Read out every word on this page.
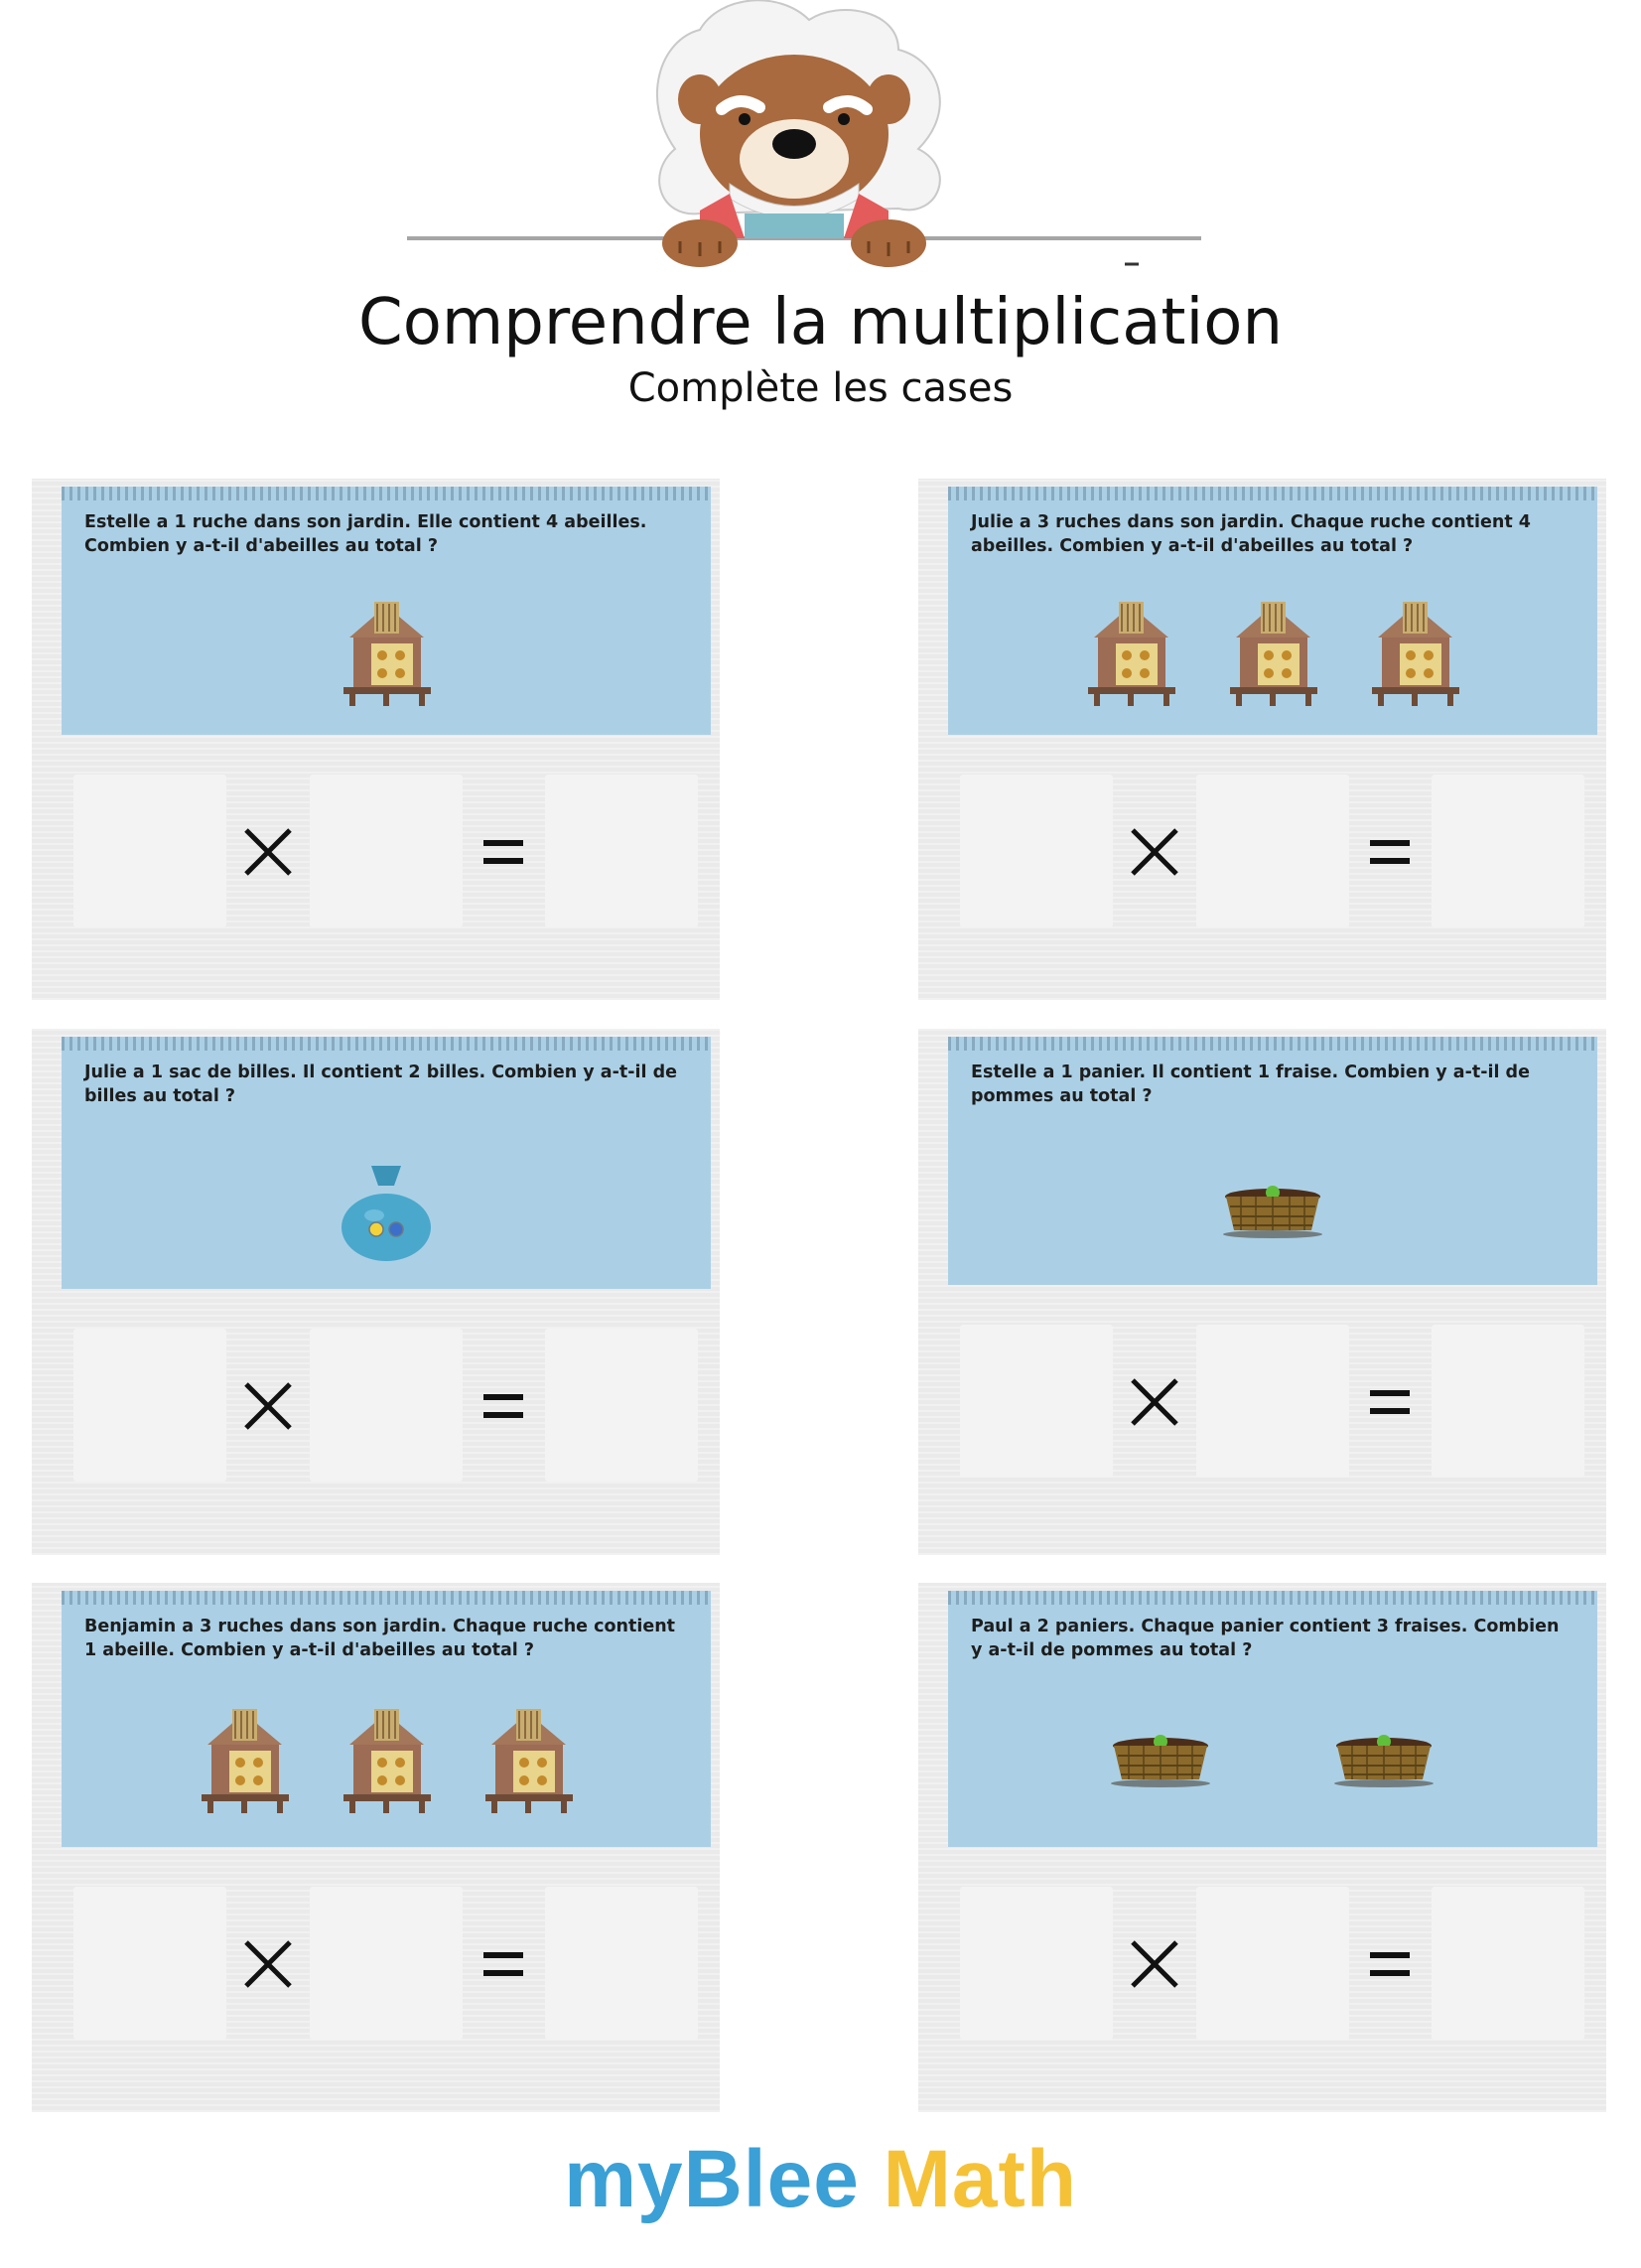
Comprendre la multiplication
Complète les cases
Estelle a 1 ruche dans son jardin. Elle contient 4 abeilles. Combien y a-t-il d'abeilles au total ?
Julie a 3 ruches dans son jardin. Chaque ruche contient 4 abeilles. Combien y a-t-il d'abeilles au total ?
Julie a 1 sac de billes. Il contient 2 billes. Combien y a-t-il de billes au total ?
Estelle a 1 panier. Il contient 1 fraise. Combien y a-t-il de pommes au total ?
Benjamin a 3 ruches dans son jardin. Chaque ruche contient 1 abeille. Combien y a-t-il d'abeilles au total ?
Paul a 2 paniers. Chaque panier contient 3 fraises. Combien y a-t-il de pommes au total ?
myBlee Math
